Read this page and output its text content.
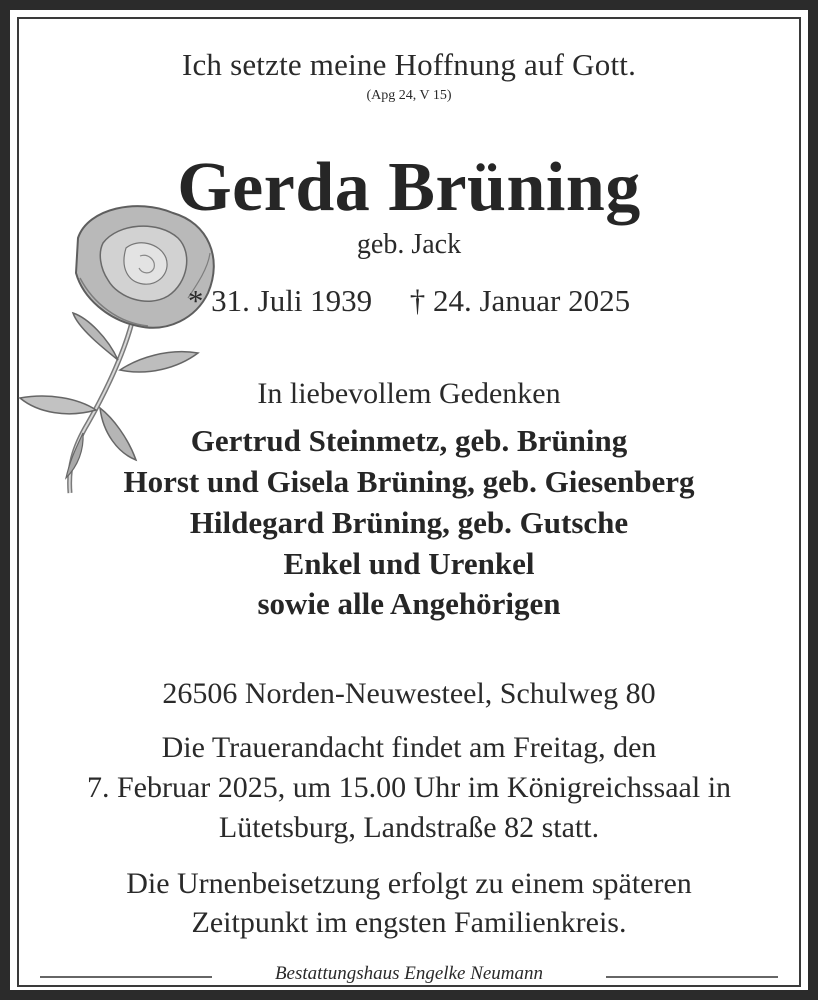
Ich setzte meine Hoffnung auf Gott.
(Apg 24, V 15)
Gerda Brüning
geb. Jack
* 31. Juli 1939 † 24. Januar 2025
In liebevollem Gedenken
Gertrud Steinmetz, geb. Brüning
Horst und Gisela Brüning, geb. Giesenberg
Hildegard Brüning, geb. Gutsche
Enkel und Urenkel
sowie alle Angehörigen
26506 Norden-Neuwesteel, Schulweg 80
Die Trauerandacht findet am Freitag, den
7. Februar 2025, um 15.00 Uhr im Königreichssaal in
Lütetsburg, Landstraße 82 statt.
Die Urnenbeisetzung erfolgt zu einem späteren
Zeitpunkt im engsten Familienkreis.
Bestattungshaus Engelke Neumann
